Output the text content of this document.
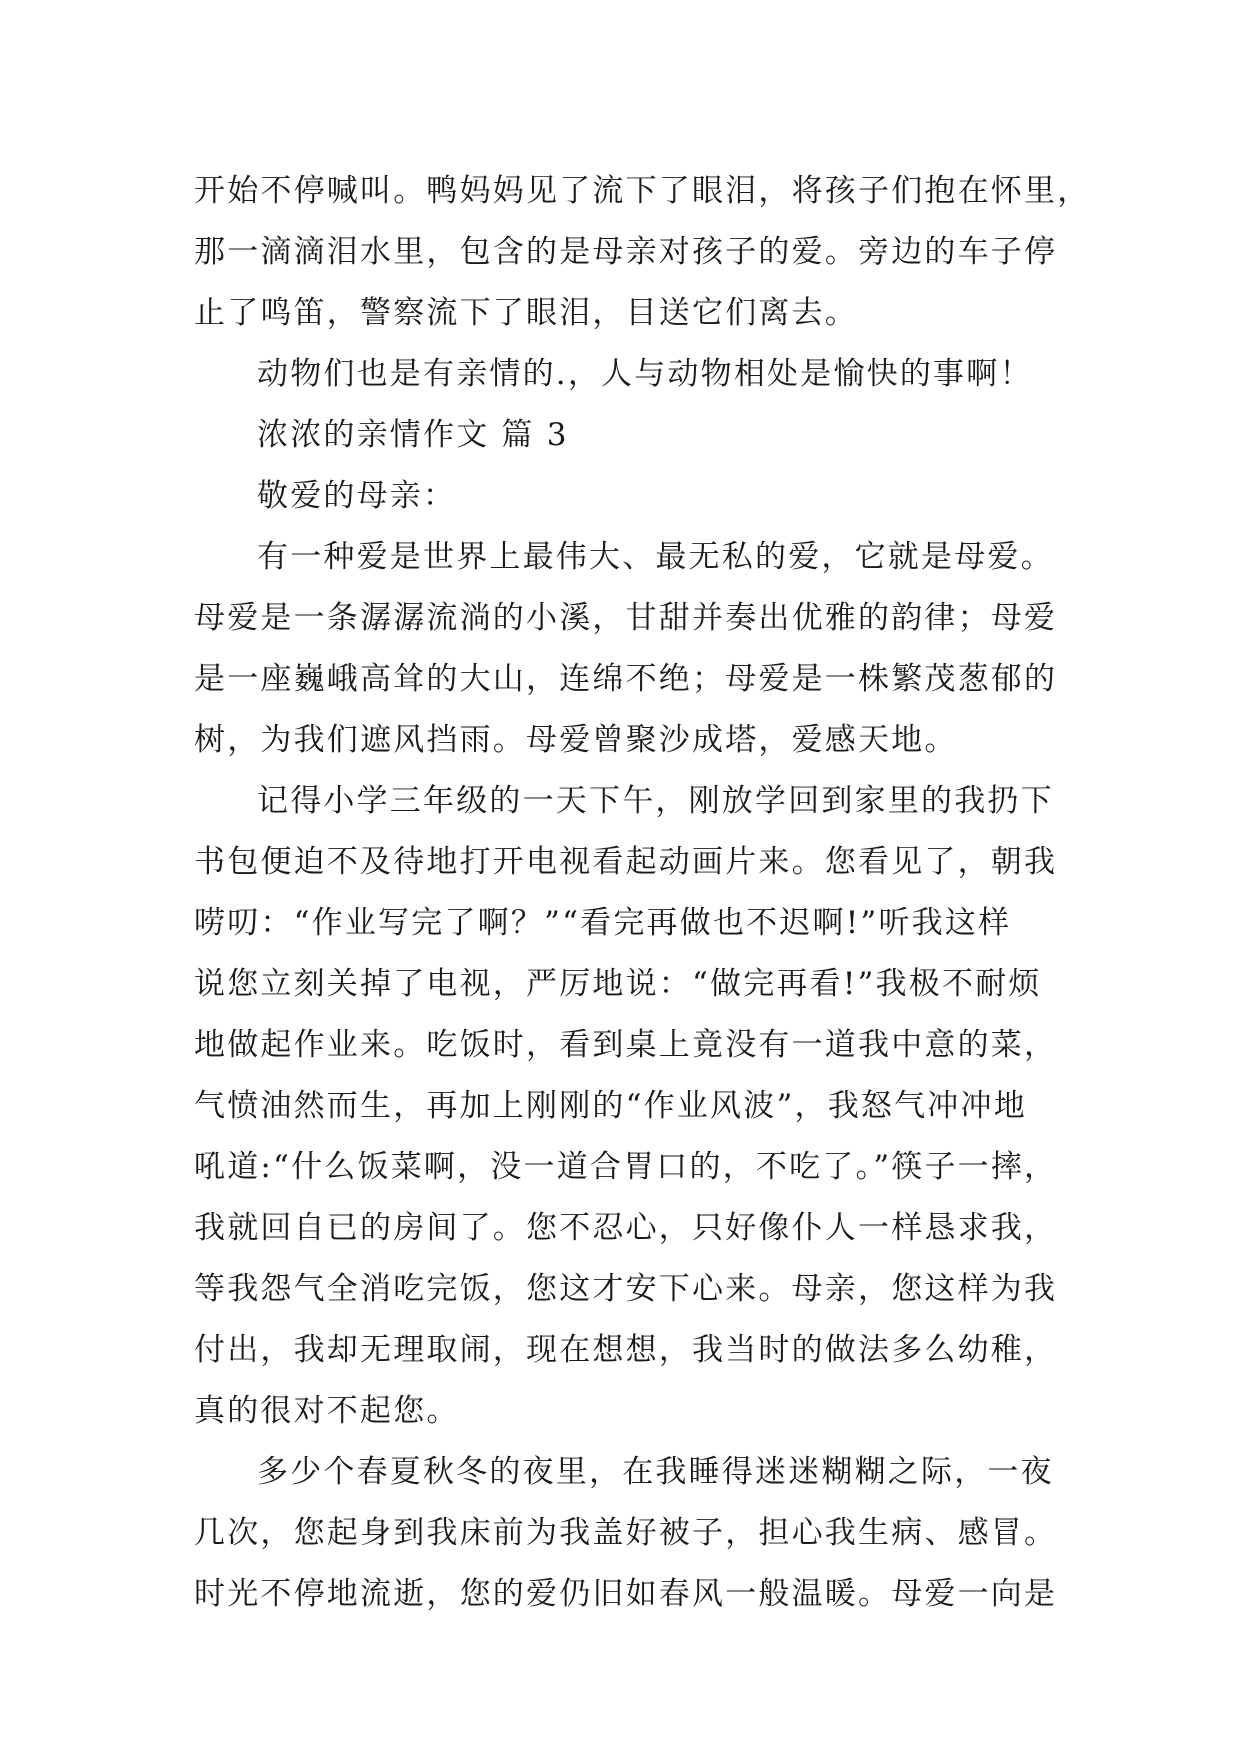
开始不停喊叫。鸭妈妈见了流下了眼泪，将孩子们抱在怀里，
那一滴滴泪水里，包含的是母亲对孩子的爱。旁边的车子停
止了鸣笛，警察流下了眼泪，目送它们离去。
动物们也是有亲情的.，人与动物相处是愉快的事啊！
浓浓的亲情作文 篇 3
敬爱的母亲：
有一种爱是世界上最伟大、最无私的爱，它就是母爱。
母爱是一条潺潺流淌的小溪，甘甜并奏出优雅的韵律；母爱
是一座巍峨高耸的大山，连绵不绝；母爱是一株繁茂葱郁的
树，为我们遮风挡雨。母爱曾聚沙成塔，爱感天地。
记得小学三年级的一天下午，刚放学回到家里的我扔下
书包便迫不及待地打开电视看起动画片来。您看见了，朝我
唠叨：“作业写完了啊？”“看完再做也不迟啊!”听我这样
说您立刻关掉了电视，严厉地说：“做完再看!”我极不耐烦
地做起作业来。吃饭时，看到桌上竟没有一道我中意的菜，
气愤油然而生，再加上刚刚的“作业风波”，我怒气冲冲地
吼道:“什么饭菜啊，没一道合胃口的，不吃了。”筷子一摔，
我就回自已的房间了。您不忍心，只好像仆人一样恳求我，
等我怨气全消吃完饭，您这才安下心来。母亲，您这样为我
付出，我却无理取闹，现在想想，我当时的做法多么幼稚，
真的很对不起您。
多少个春夏秋冬的夜里，在我睡得迷迷糊糊之际，一夜
几次，您起身到我床前为我盖好被子，担心我生病、感冒。
时光不停地流逝，您的爱仍旧如春风一般温暖。母爱一向是
